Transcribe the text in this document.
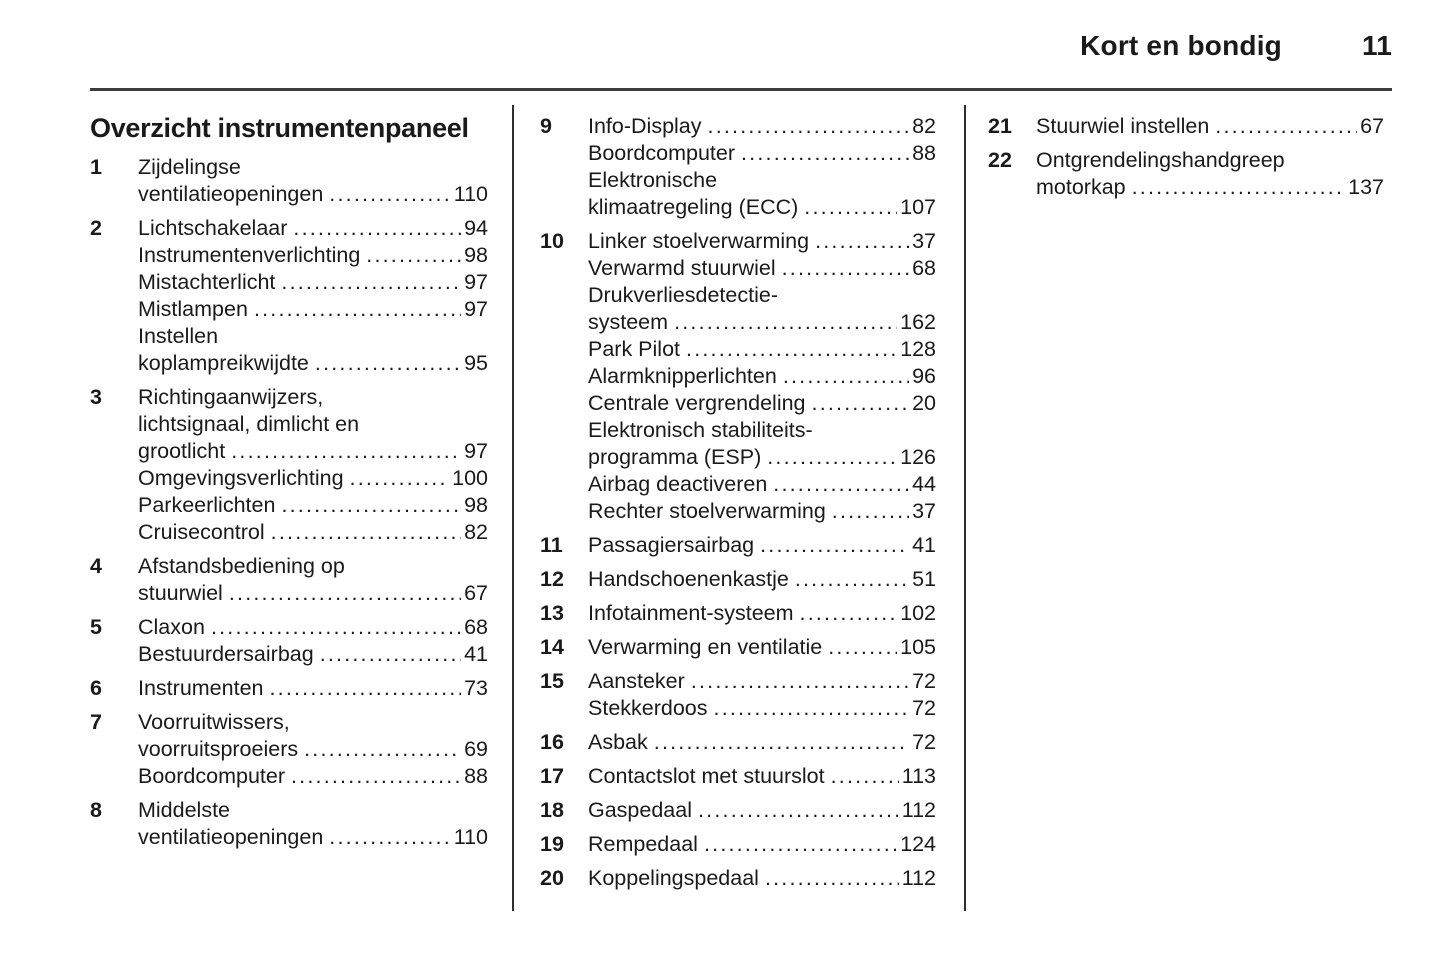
Kort en bondig	11
Overzicht instrumentenpaneel
1	Zijdelingse
ventilatieopeningen .....	110
2	Lichtschakelaar .....	94
Instrumentenverlichting .....	98
Mistachterlicht .....	97
Mistlampen .....	97
Instellen
koplampreikwijdte .....	95
3	Richtingaanwijzers,
lichtsignaal, dimlicht en
grootlicht .....	97
Omgevingsverlichting .....	100
Parkeerlichten .....	98
Cruisecontrol .....	82
4	Afstandsbediening op
stuurwiel .....	67
5	Claxon .....	68
Bestuurdersairbag .....	41
6	Instrumenten .....	73
7	Voorruitwissers,
voorruitsproeiers .....	69
Boordcomputer .....	88
8	Middelste
ventilatieopeningen .....	110
9	Info-Display .....	82
Boordcomputer .....	88
Elektronische
klimaatregeling (ECC) .....	107
10	Linker stoelverwarming .....	37
Verwarmd stuurwiel .....	68
Drukverliesdetectie-
systeem .....	162
Park Pilot .....	128
Alarmknipperlichten .....	96
Centrale vergrendeling .....	20
Elektronisch stabiliteits-
programma (ESP) .....	126
Airbag deactiveren .....	44
Rechter stoelverwarming .....	37
11	Passagiersairbag .....	41
12	Handschoenenkastje .....	51
13	Infotainment-systeem .....	102
14	Verwarming en ventilatie .....	105
15	Aansteker .....	72
Stekkerdoos .....	72
16	Asbak .....	72
17	Contactslot met stuurslot .....	113
18	Gaspedaal .....	112
19	Rempedaal .....	124
20	Koppelingspedaal .....	112
21	Stuurwiel instellen .....	67
22	Ontgrendelingshandgreep
motorkap .....	137
